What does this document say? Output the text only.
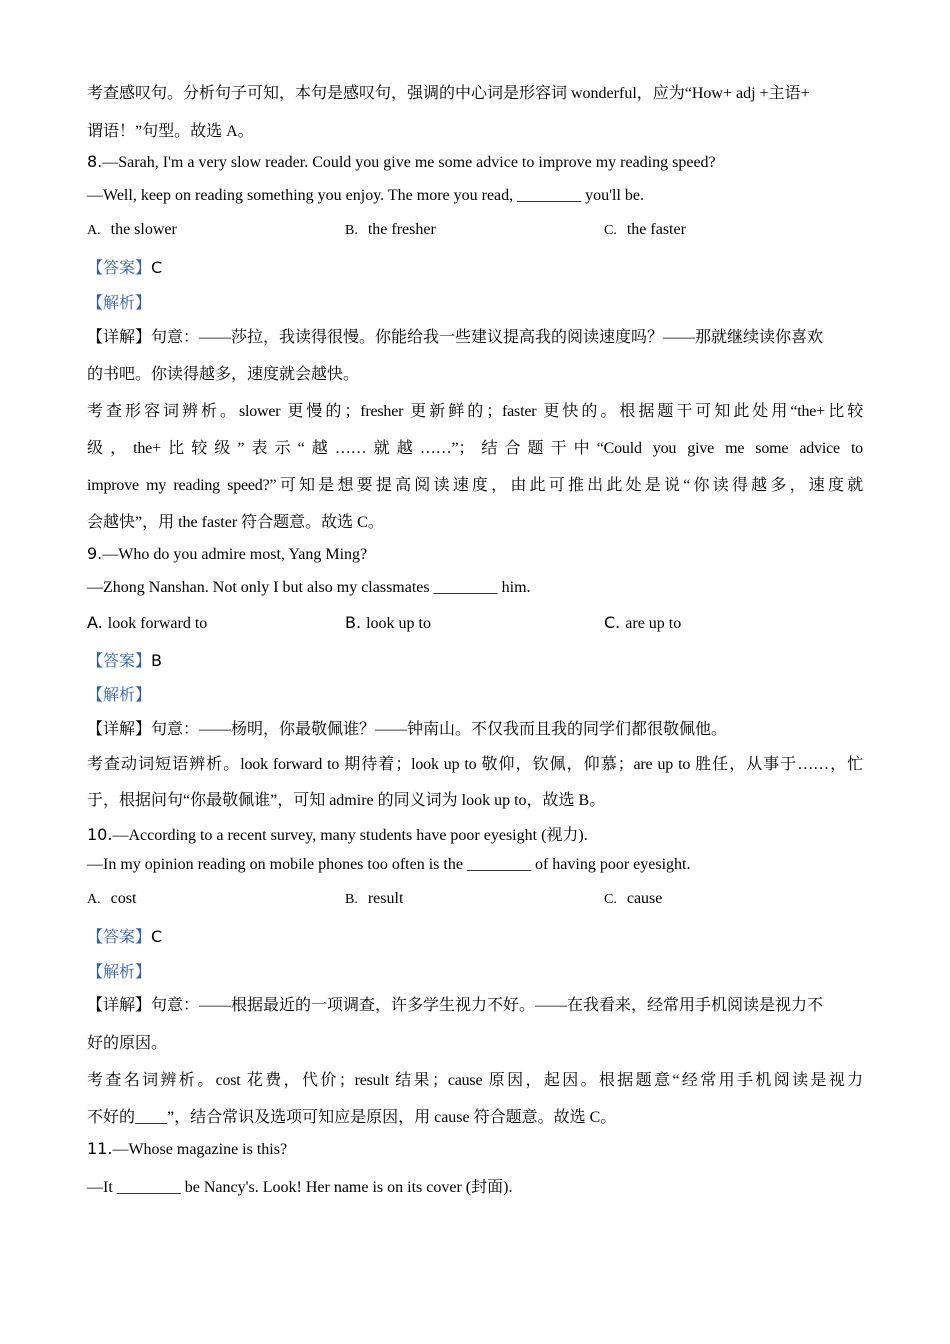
考查感叹句。分析句子可知，本句是感叹句，强调的中心词是形容词 wonderful，应为“How+ adj +主语+
谓语！”句型。故选 A。
8.—Sarah, I'm a very slow reader. Could you give me some advice to improve my reading speed?
—Well, keep on reading something you enjoy. The more you read, ________ you'll be.
A. the slower	B. the fresher	C. the faster
【答案】C
【解析】
【详解】句意：——莎拉，我读得很慢。你能给我一些建议提高我的阅读速度吗？——那就继续读你喜欢
的书吧。你读得越多，速度就会越快。
考查形容词辨析。slower 更慢的；fresher 更新鲜的；faster 更快的。根据题干可知此处用“the+比较
级，the+比较级”表示“越……就越……”；结合题干中“Could you give me some advice to
improve my reading speed?”可知是想要提高阅读速度，由此可推出此处是说“你读得越多，速度就
会越快”，用 the faster 符合题意。故选 C。
9.—Who do you admire most, Yang Ming?
—Zhong Nanshan. Not only I but also my classmates ________ him.
A. look forward to	B. look up to	C. are up to
【答案】B
【解析】
【详解】句意：——杨明，你最敬佩谁？——钟南山。不仅我而且我的同学们都很敬佩他。
考查动词短语辨析。look forward to 期待着；look up to 敬仰，钦佩，仰慕；are up to 胜任，从事于……，忙
于，根据问句“你最敬佩谁”，可知 admire 的同义词为 look up to，故选 B。
10.—According to a recent survey, many students have poor eyesight (视力).
—In my opinion reading on mobile phones too often is the ________ of having poor eyesight.
A. cost	B. result	C. cause
【答案】C
【解析】
【详解】句意：——根据最近的一项调查，许多学生视力不好。——在我看来，经常用手机阅读是视力不
好的原因。
考查名词辨析。cost 花费，代价；result 结果；cause 原因，起因。根据题意“经常用手机阅读是视力
不好的____”，结合常识及选项可知应是原因，用 cause 符合题意。故选 C。
11.—Whose magazine is this?
—It ________ be Nancy's. Look! Her name is on its cover (封面).
